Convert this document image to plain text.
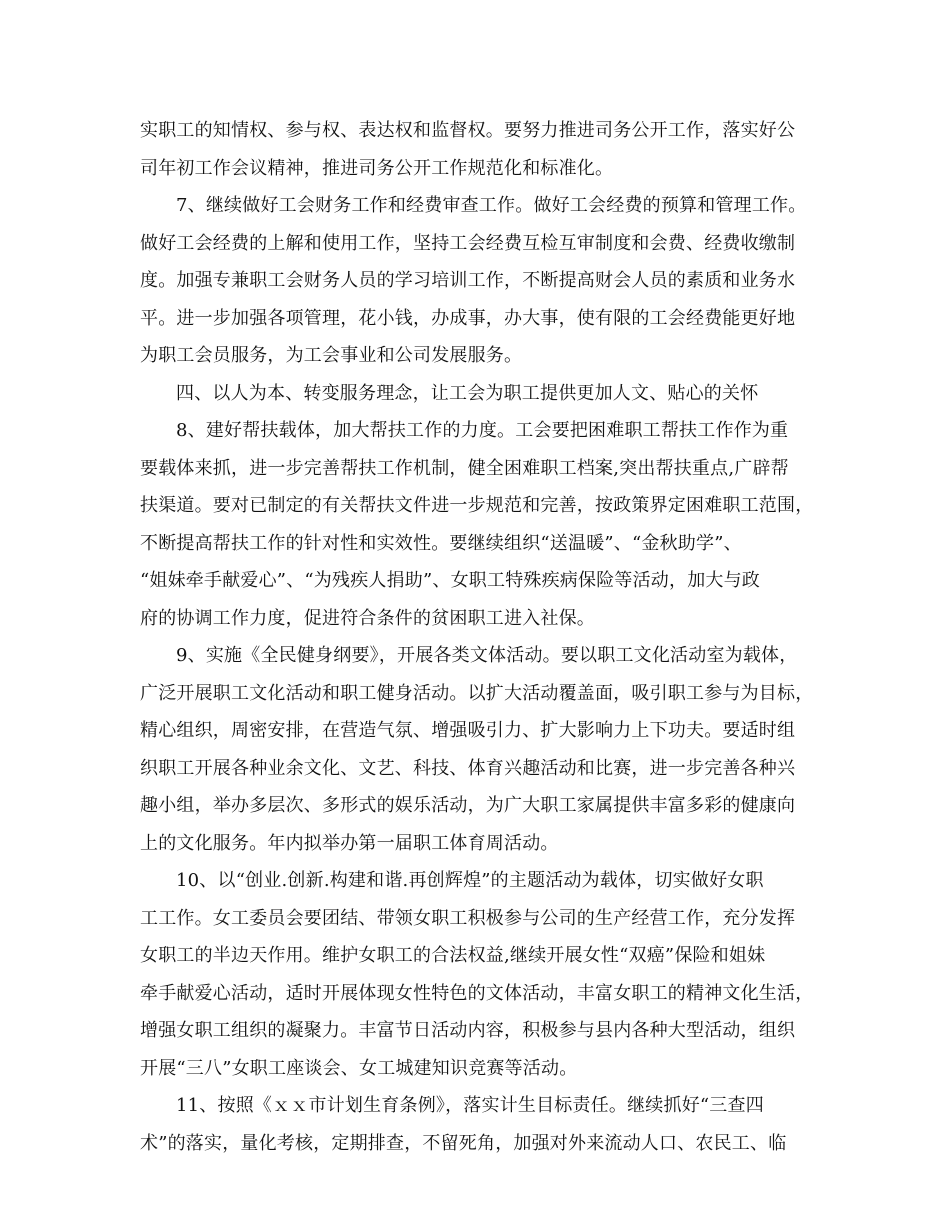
实职工的知情权、参与权、表达权和监督权。要努力推进司务公开工作，落实好公
司年初工作会议精神，推进司务公开工作规范化和标准化。
7、继续做好工会财务工作和经费审查工作。做好工会经费的预算和管理工作。
做好工会经费的上解和使用工作，坚持工会经费互检互审制度和会费、经费收缴制
度。加强专兼职工会财务人员的学习培训工作，不断提高财会人员的素质和业务水
平。进一步加强各项管理，花小钱，办成事，办大事，使有限的工会经费能更好地
为职工会员服务，为工会事业和公司发展服务。
四、以人为本、转变服务理念，让工会为职工提供更加人文、贴心的关怀
8、建好帮扶载体，加大帮扶工作的力度。工会要把困难职工帮扶工作作为重
要载体来抓，进一步完善帮扶工作机制，健全困难职工档案,突出帮扶重点,广辟帮
扶渠道。要对已制定的有关帮扶文件进一步规范和完善，按政策界定困难职工范围，
不断提高帮扶工作的针对性和实效性。要继续组织“送温暖”、“金秋助学”、
“姐妹牵手献爱心”、“为残疾人捐助”、女职工特殊疾病保险等活动，加大与政
府的协调工作力度，促进符合条件的贫困职工进入社保。
9、实施《全民健身纲要》，开展各类文体活动。要以职工文化活动室为载体，
广泛开展职工文化活动和职工健身活动。以扩大活动覆盖面，吸引职工参与为目标，
精心组织，周密安排，在营造气氛、增强吸引力、扩大影响力上下功夫。要适时组
织职工开展各种业余文化、文艺、科技、体育兴趣活动和比赛，进一步完善各种兴
趣小组，举办多层次、多形式的娱乐活动，为广大职工家属提供丰富多彩的健康向
上的文化服务。年内拟举办第一届职工体育周活动。
10、以“创业.创新.构建和谐.再创辉煌”的主题活动为载体，切实做好女职
工工作。女工委员会要团结、带领女职工积极参与公司的生产经营工作，充分发挥
女职工的半边天作用。维护女职工的合法权益,继续开展女性“双癌”保险和姐妹
牵手献爱心活动，适时开展体现女性特色的文体活动，丰富女职工的精神文化生活，
增强女职工组织的凝聚力。丰富节日活动内容，积极参与县内各种大型活动，组织
开展“三八”女职工座谈会、女工城建知识竞赛等活动。
11、按照《ｘｘ市计划生育条例》，落实计生目标责任。继续抓好“三查四
术”的落实，量化考核，定期排查，不留死角，加强对外来流动人口、农民工、临
